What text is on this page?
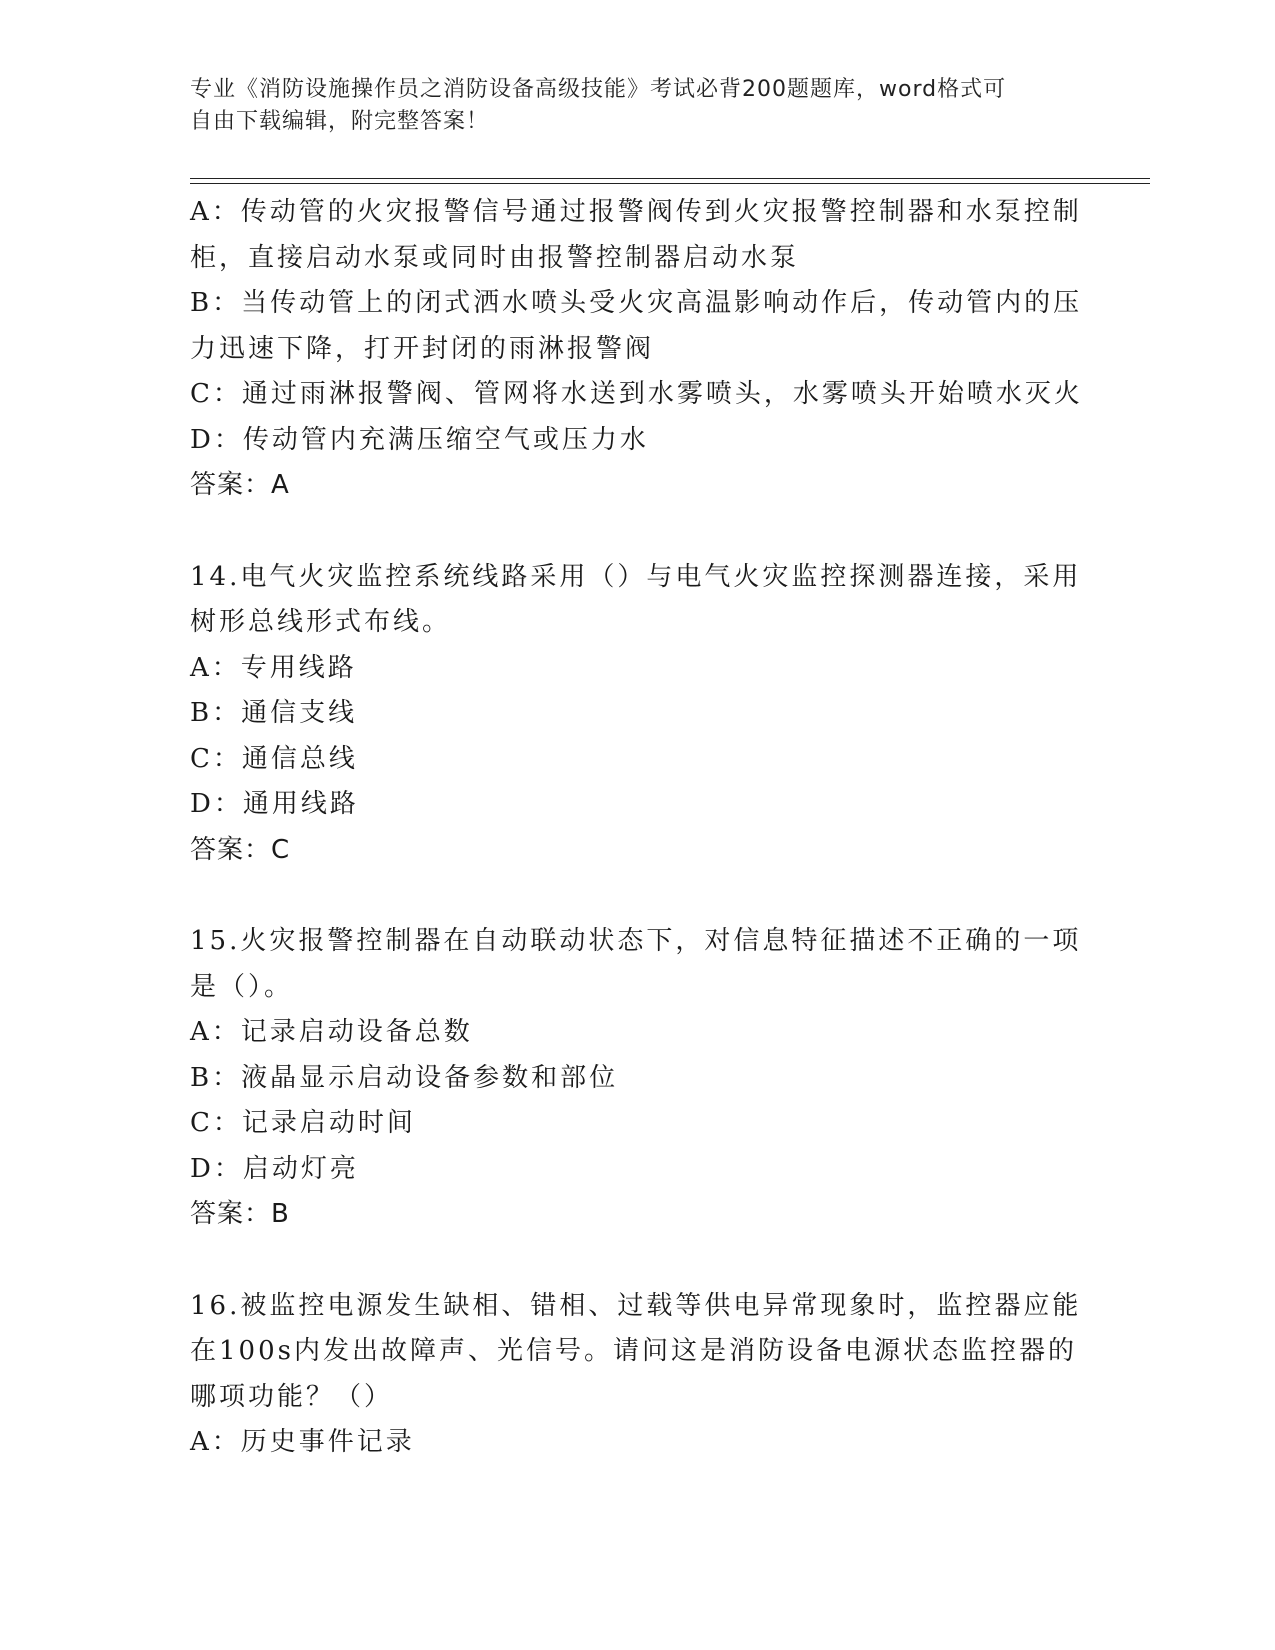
专业《消防设施操作员之消防设备高级技能》考试必背200题题库，word格式可
自由下载编辑，附完整答案！
A：传动管的火灾报警信号通过报警阀传到火灾报警控制器和水泵控制
柜，直接启动水泵或同时由报警控制器启动水泵
B：当传动管上的闭式洒水喷头受火灾高温影响动作后，传动管内的压
力迅速下降，打开封闭的雨淋报警阀
C：通过雨淋报警阀、管网将水送到水雾喷头，水雾喷头开始喷水灭火
D：传动管内充满压缩空气或压力水
答案：A
14.电气火灾监控系统线路采用（）与电气火灾监控探测器连接，采用
树形总线形式布线。
A：专用线路
B：通信支线
C：通信总线
D：通用线路
答案：C
15.火灾报警控制器在自动联动状态下，对信息特征描述不正确的一项
是（）。
A：记录启动设备总数
B：液晶显示启动设备参数和部位
C：记录启动时间
D：启动灯亮
答案：B
16.被监控电源发生缺相、错相、过载等供电异常现象时，监控器应能
在100s内发出故障声、光信号。请问这是消防设备电源状态监控器的
哪项功能？（）
A：历史事件记录
